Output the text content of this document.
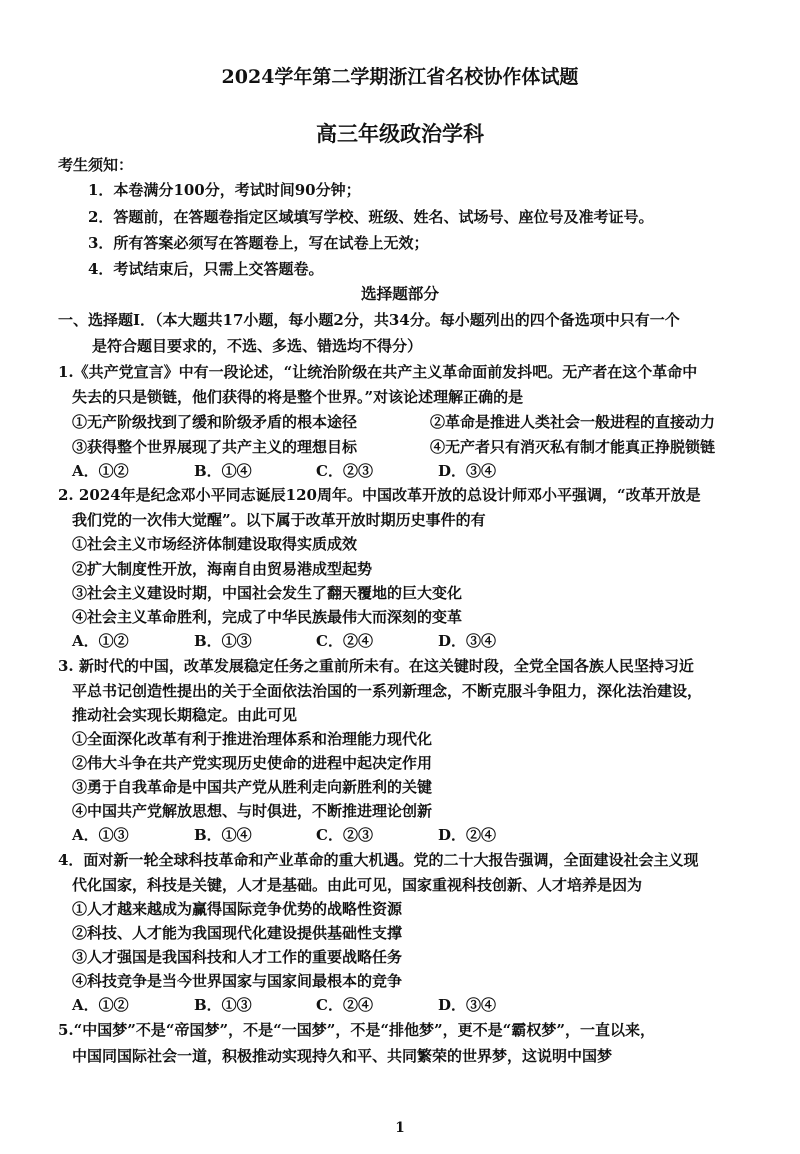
2024学年第二学期浙江省名校协作体试题
高三年级政治学科
考生须知：
1．本卷满分100分，考试时间90分钟；
2．答题前，在答题卷指定区域填写学校、班级、姓名、试场号、座位号及准考证号。
3．所有答案必须写在答题卷上，写在试卷上无效；
4．考试结束后，只需上交答题卷。
选择题部分
一、选择题Ⅰ．（本大题共17小题，每小题2分，共34分。每小题列出的四个备选项中只有一个
是符合题目要求的，不选、多选、错选均不得分）
1.《共产党宣言》中有一段论述，“让统治阶级在共产主义革命面前发抖吧。无产者在这个革命中
失去的只是锁链，他们获得的将是整个世界。”对该论述理解正确的是
①无产阶级找到了缓和阶级矛盾的根本途径	②革命是推进人类社会一般进程的直接动力
③获得整个世界展现了共产主义的理想目标	④无产者只有消灭私有制才能真正挣脱锁链
A．①②	B．①④	C．②③	D．③④
2. 2024年是纪念邓小平同志诞辰120周年。中国改革开放的总设计师邓小平强调，“改革开放是
我们党的一次伟大觉醒”。以下属于改革开放时期历史事件的有
①社会主义市场经济体制建设取得实质成效
②扩大制度性开放，海南自由贸易港成型起势
③社会主义建设时期，中国社会发生了翻天覆地的巨大变化
④社会主义革命胜利，完成了中华民族最伟大而深刻的变革
A．①②	B．①③	C．②④	D．③④
3. 新时代的中国，改革发展稳定任务之重前所未有。在这关键时段，全党全国各族人民坚持习近
平总书记创造性提出的关于全面依法治国的一系列新理念，不断克服斗争阻力，深化法治建设，
推动社会实现长期稳定。由此可见
①全面深化改革有利于推进治理体系和治理能力现代化
②伟大斗争在共产党实现历史使命的进程中起决定作用
③勇于自我革命是中国共产党从胜利走向新胜利的关键
④中国共产党解放思想、与时俱进，不断推进理论创新
A．①③	B．①④	C．②③	D．②④
4．面对新一轮全球科技革命和产业革命的重大机遇。党的二十大报告强调，全面建设社会主义现
代化国家，科技是关键，人才是基础。由此可见，国家重视科技创新、人才培养是因为
①人才越来越成为赢得国际竞争优势的战略性资源
②科技、人才能为我国现代化建设提供基础性支撑
③人才强国是我国科技和人才工作的重要战略任务
④科技竞争是当今世界国家与国家间最根本的竞争
A．①②	B．①③	C．②④	D．③④
5.“中国梦”不是“帝国梦”，不是“一国梦”，不是“排他梦”，更不是“霸权梦”，一直以来，
中国同国际社会一道，积极推动实现持久和平、共同繁荣的世界梦，这说明中国梦
1
